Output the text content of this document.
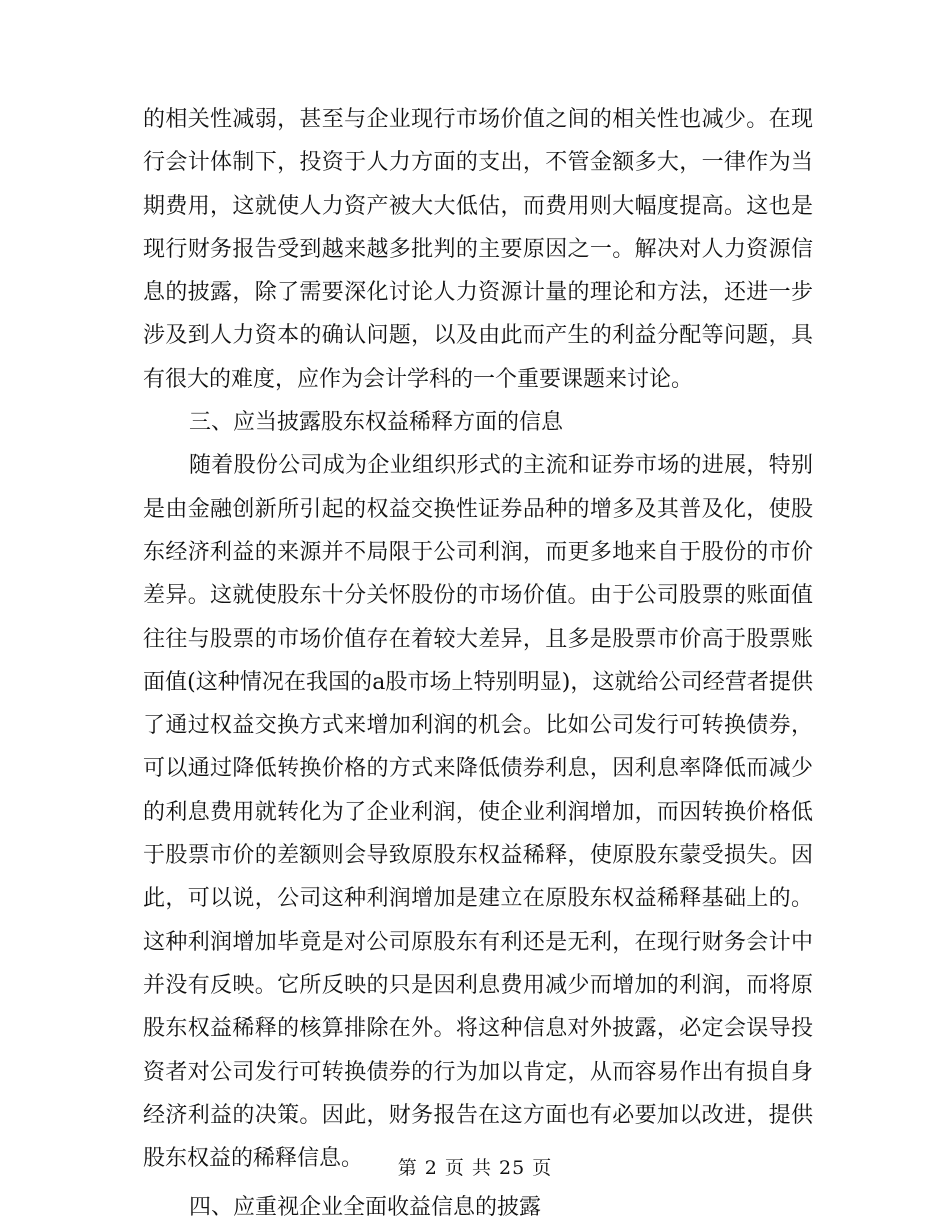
的相关性减弱，甚至与企业现行市场价值之间的相关性也减少。在现行会计体制下，投资于人力方面的支出，不管金额多大，一律作为当期费用，这就使人力资产被大大低估，而费用则大幅度提高。这也是现行财务报告受到越来越多批判的主要原因之一。解决对人力资源信息的披露，除了需要深化讨论人力资源计量的理论和方法，还进一步涉及到人力资本的确认问题，以及由此而产生的利益分配等问题，具有很大的难度，应作为会计学科的一个重要课题来讨论。

三、应当披露股东权益稀释方面的信息

随着股份公司成为企业组织形式的主流和证券市场的进展，特别是由金融创新所引起的权益交换性证券品种的增多及其普及化，使股东经济利益的来源并不局限于公司利润，而更多地来自于股份的市价差异。这就使股东十分关怀股份的市场价值。由于公司股票的账面值往往与股票的市场价值存在着较大差异，且多是股票市价高于股票账面值(这种情况在我国的a股市场上特别明显)，这就给公司经营者提供了通过权益交换方式来增加利润的机会。比如公司发行可转换债券，可以通过降低转换价格的方式来降低债券利息，因利息率降低而减少的利息费用就转化为了企业利润，使企业利润增加，而因转换价格低于股票市价的差额则会导致原股东权益稀释，使原股东蒙受损失。因此，可以说，公司这种利润增加是建立在原股东权益稀释基础上的。这种利润增加毕竟是对公司原股东有利还是无利，在现行财务会计中并没有反映。它所反映的只是因利息费用减少而增加的利润，而将原股东权益稀释的核算排除在外。将这种信息对外披露，必定会误导投资者对公司发行可转换债券的行为加以肯定，从而容易作出有损自身经济利益的决策。因此，财务报告在这方面也有必要加以改进，提供股东权益的稀释信息。

四、应重视企业全面收益信息的披露

第 2 页 共 25 页
